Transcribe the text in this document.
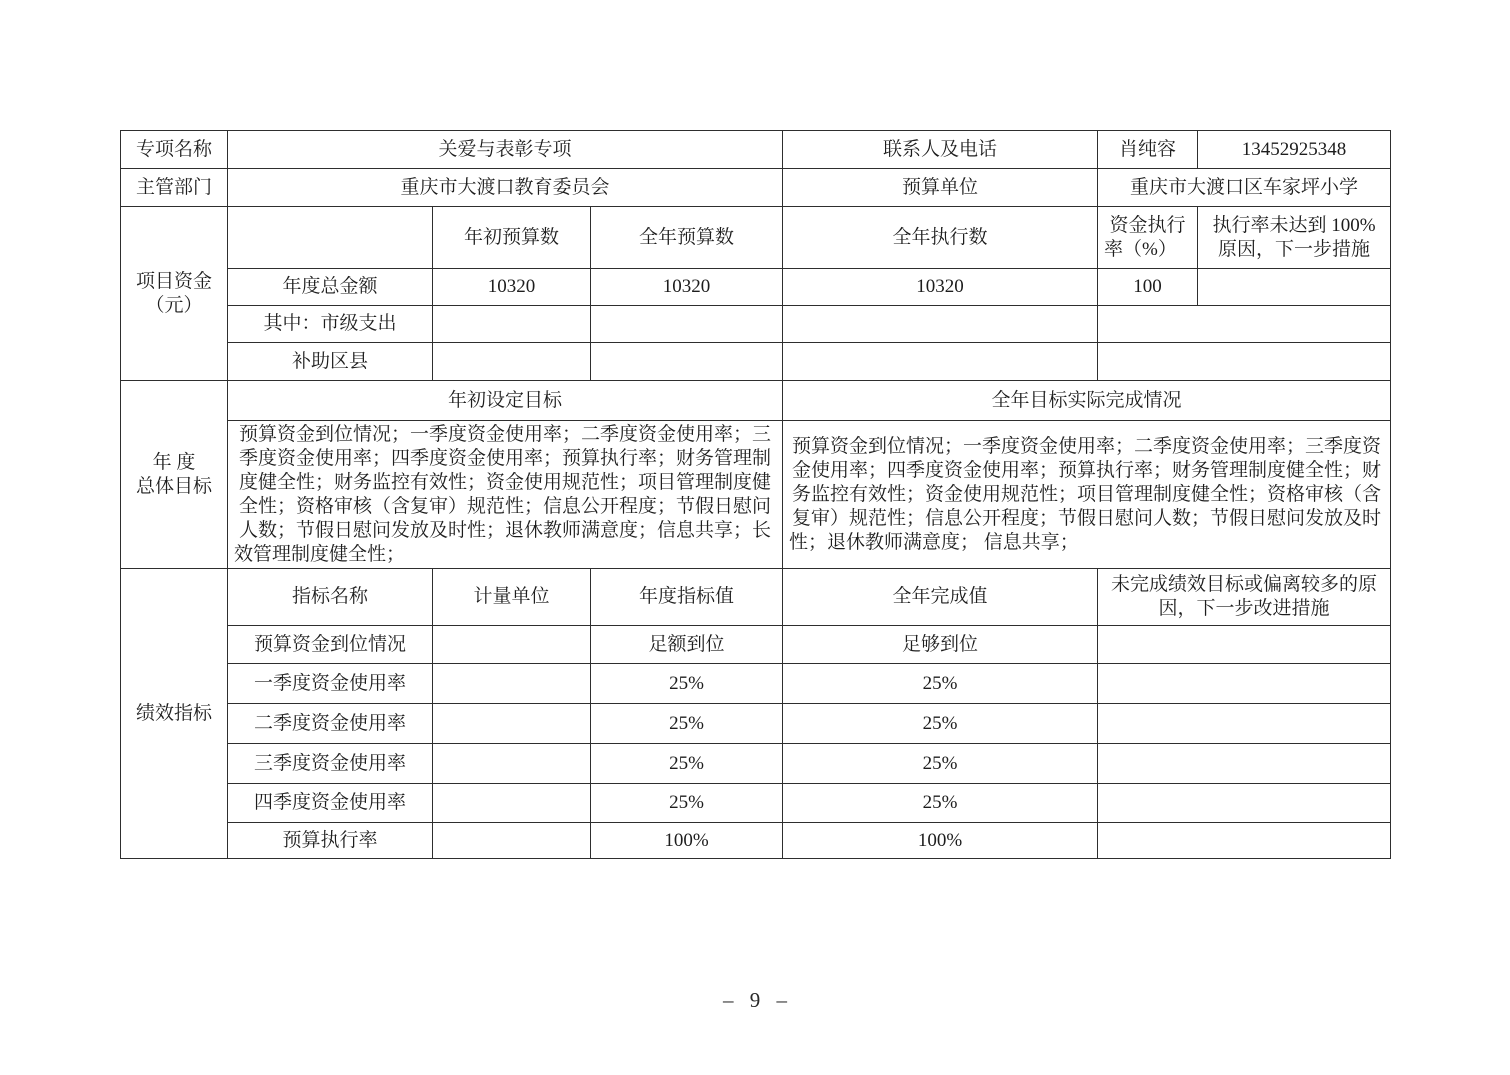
专项名称	关爱与表彰专项			联系人及电话	肖纯容	13452925348
主管部门	重庆市大渡口教育委员会			预算单位	重庆市大渡口区车家坪小学	

项目资金
（元）		年初预算数	全年预算数	全年执行数	资金执行率（%）	执行率未达到 100% 原因，下一步措施
	年度总金额	10320	10320	10320	100	
	其中：市级支出					
	补助区县					

年 度
总体目标	年初设定目标			全年目标实际完成情况		
	预算资金到位情况；一季度资金使用率；二季度资金使用率；三季度资金使用率；四季度资金使用率；预算执行率；财务管理制度健全性；财务监控有效性；资金使用规范性；项目管理制度健全性；资格审核（含复审）规范性；信息公开程度；节假日慰问人数；节假日慰问发放及时性；退休教师满意度；信息共享；长效管理制度健全性；			预算资金到位情况；一季度资金使用率；二季度资金使用率；三季度资金使用率；四季度资金使用率；预算执行率；财务管理制度健全性；财务监控有效性；资金使用规范性；项目管理制度健全性；资格审核（含复审）规范性；信息公开程度；节假日慰问人数；节假日慰问发放及时性；退休教师满意度； 信息共享；		
绩效指标	指标名称	计量单位	年度指标值	全年完成值	未完成绩效目标或偏离较多的原因，下一步改进措施	
	预算资金到位情况		足额到位	足够到位		
	一季度资金使用率		25%	25%		
	二季度资金使用率		25%	25%		
	三季度资金使用率		25%	25%		
	四季度资金使用率		25%	25%		
	预算执行率		100%	100%		
– 9 –
